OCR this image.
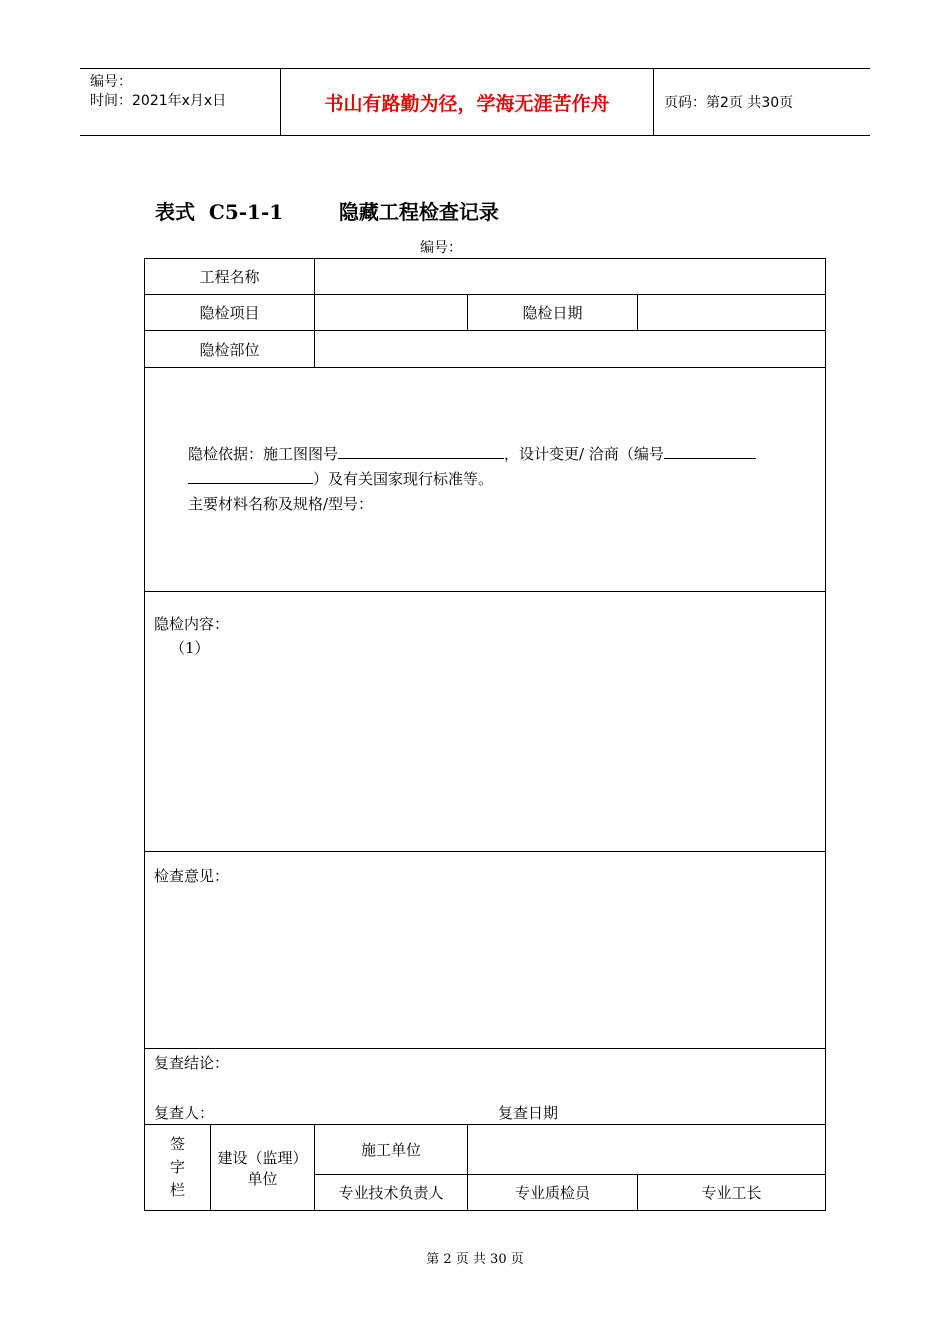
编号：
时间：2021年x月x日	书山有路勤为径，学海无涯苦作舟	页码：第2页 共30页
表式  C5-1-1        隐藏工程检查记录
编号：
工程名称				
隐检项目			隐检日期	
隐检部位				

隐检依据：施工图图号 ，设计变更/ 洽商（编号
）及有关国家现行标准等。
主要材料名称及规格/型号：				

隐检内容：
（1）				

检查意见：				

复查结论：
复查人： 复查日期				

签
字
栏	建设（监理）单位	施工单位		
		专业技术负责人	专业质检员	专业工长
第 2 页 共 30 页
